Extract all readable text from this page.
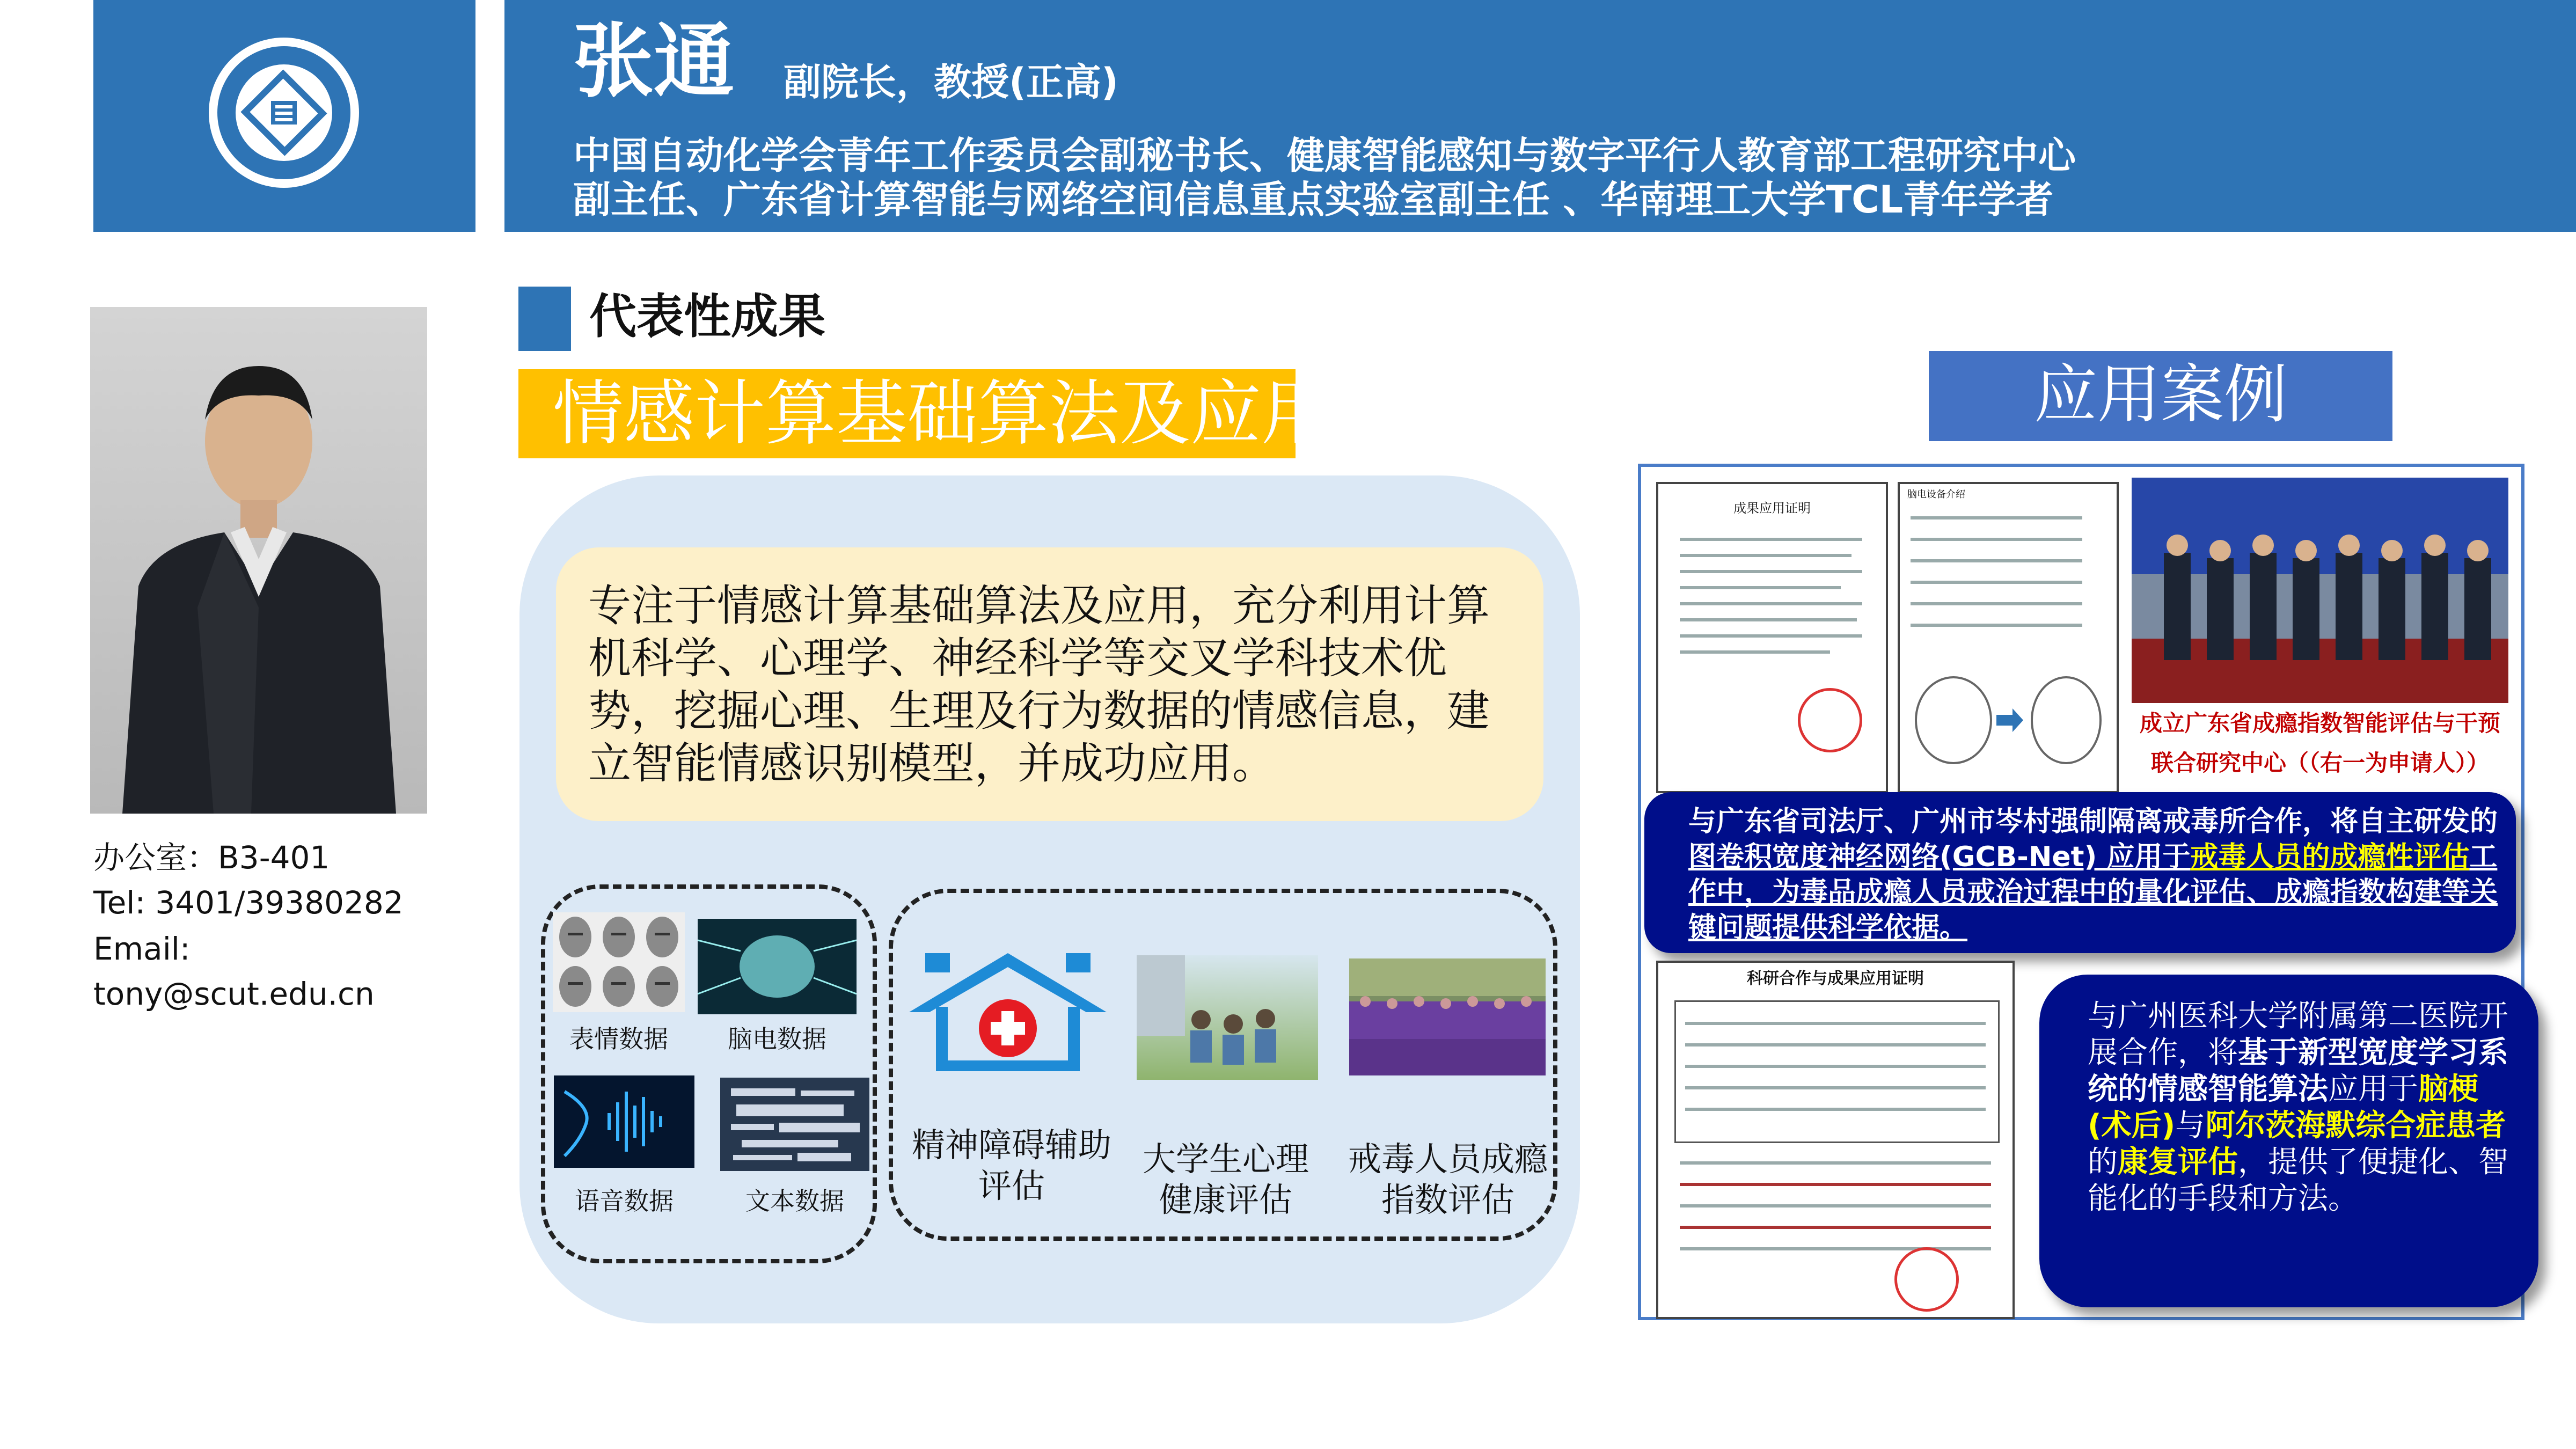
张通 副院长，教授(正高)
中国自动化学会青年工作委员会副秘书长、健康智能感知与数字平行人教育部工程研究中心
副主任、广东省计算智能与网络空间信息重点实验室副主任 、华南理工大学TCL青年学者
办公室：B3-401
Tel: 3401/39380282
Email:
tony@scut.edu.cn
代表性成果
情感计算基础算法及应用
专注于情感计算基础算法及应用，充分利用计算机科学、心理学、神经科学等交叉学科技术优势，挖掘心理、生理及行为数据的情感信息，建立智能情感识别模型，并成功应用。
表情数据	脑电数据
语音数据	文本数据
精神障碍辅助评估
大学生心理健康评估
戒毒人员成瘾指数评估
应用案例
成果应用证明
脑电设备介绍
成立广东省成瘾指数智能评估与干预
联合研究中心（（右一为申请人））
与广东省司法厅、广州市岑村强制隔离戒毒所合作，将自主研发的图卷积宽度神经网络(GCB-Net) 应用于戒毒人员的成瘾性评估工作中，为毒品成瘾人员戒治过程中的量化评估、成瘾指数构建等关键问题提供科学依据。
科研合作与成果应用证明
与广州医科大学附属第二医院开展合作，将基于新型宽度学习系统的情感智能算法应用于脑梗(术后)与阿尔茨海默综合症患者的康复评估，提供了便捷化、智能化的手段和方法。
